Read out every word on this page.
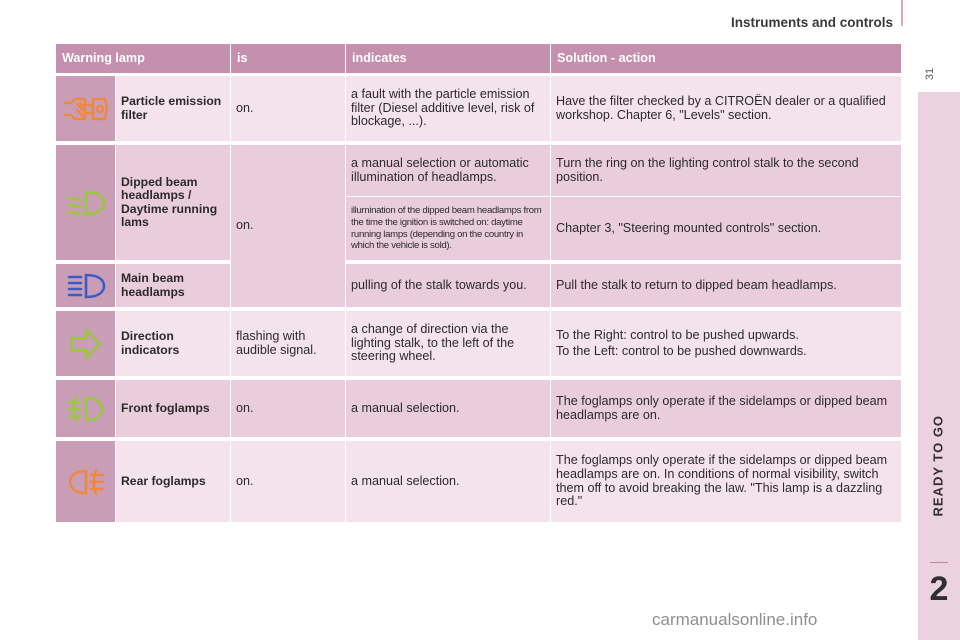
Instruments and controls
31
2
Warning lamp		is	indicates	Solution - action

	Particle emission filter	on.	a fault with the particle emission filter (Diesel additive level, risk of blockage, ...).	Have the filter checked by a CITROËN dealer or a qualified workshop. Chapter 6, "Levels" section.

	Dipped beam headlamps / Daytime running lams	on.	a manual selection or automatic illumination of headlamps.	Turn the ring on the lighting control stalk to the second position.
			illumination of the dipped beam headlamps from the time the ignition is switched on: daytime running lamps (depending on the country in which the vehicle is sold).	Chapter 3, "Steering mounted controls" section.

	Main beam headlamps		pulling of the stalk towards you.	Pull the stalk to return to dipped beam headlamps.

	Direction indicators	flashing with audible signal.	a change of direction via the lighting stalk, to the left of the steering wheel.	To the Right: control to be pushed upwards.
To the Left: control to be pushed downwards.

	Front foglamps	on.	a manual selection.	The foglamps only operate if the sidelamps or dipped beam headlamps are on.

	Rear foglamps	on.	a manual selection.	The foglamps only operate if the sidelamps or dipped beam headlamps are on. In conditions of normal visibility, switch them off to avoid breaking the law. "This lamp is a dazzling red."
carmanualsonline.info
